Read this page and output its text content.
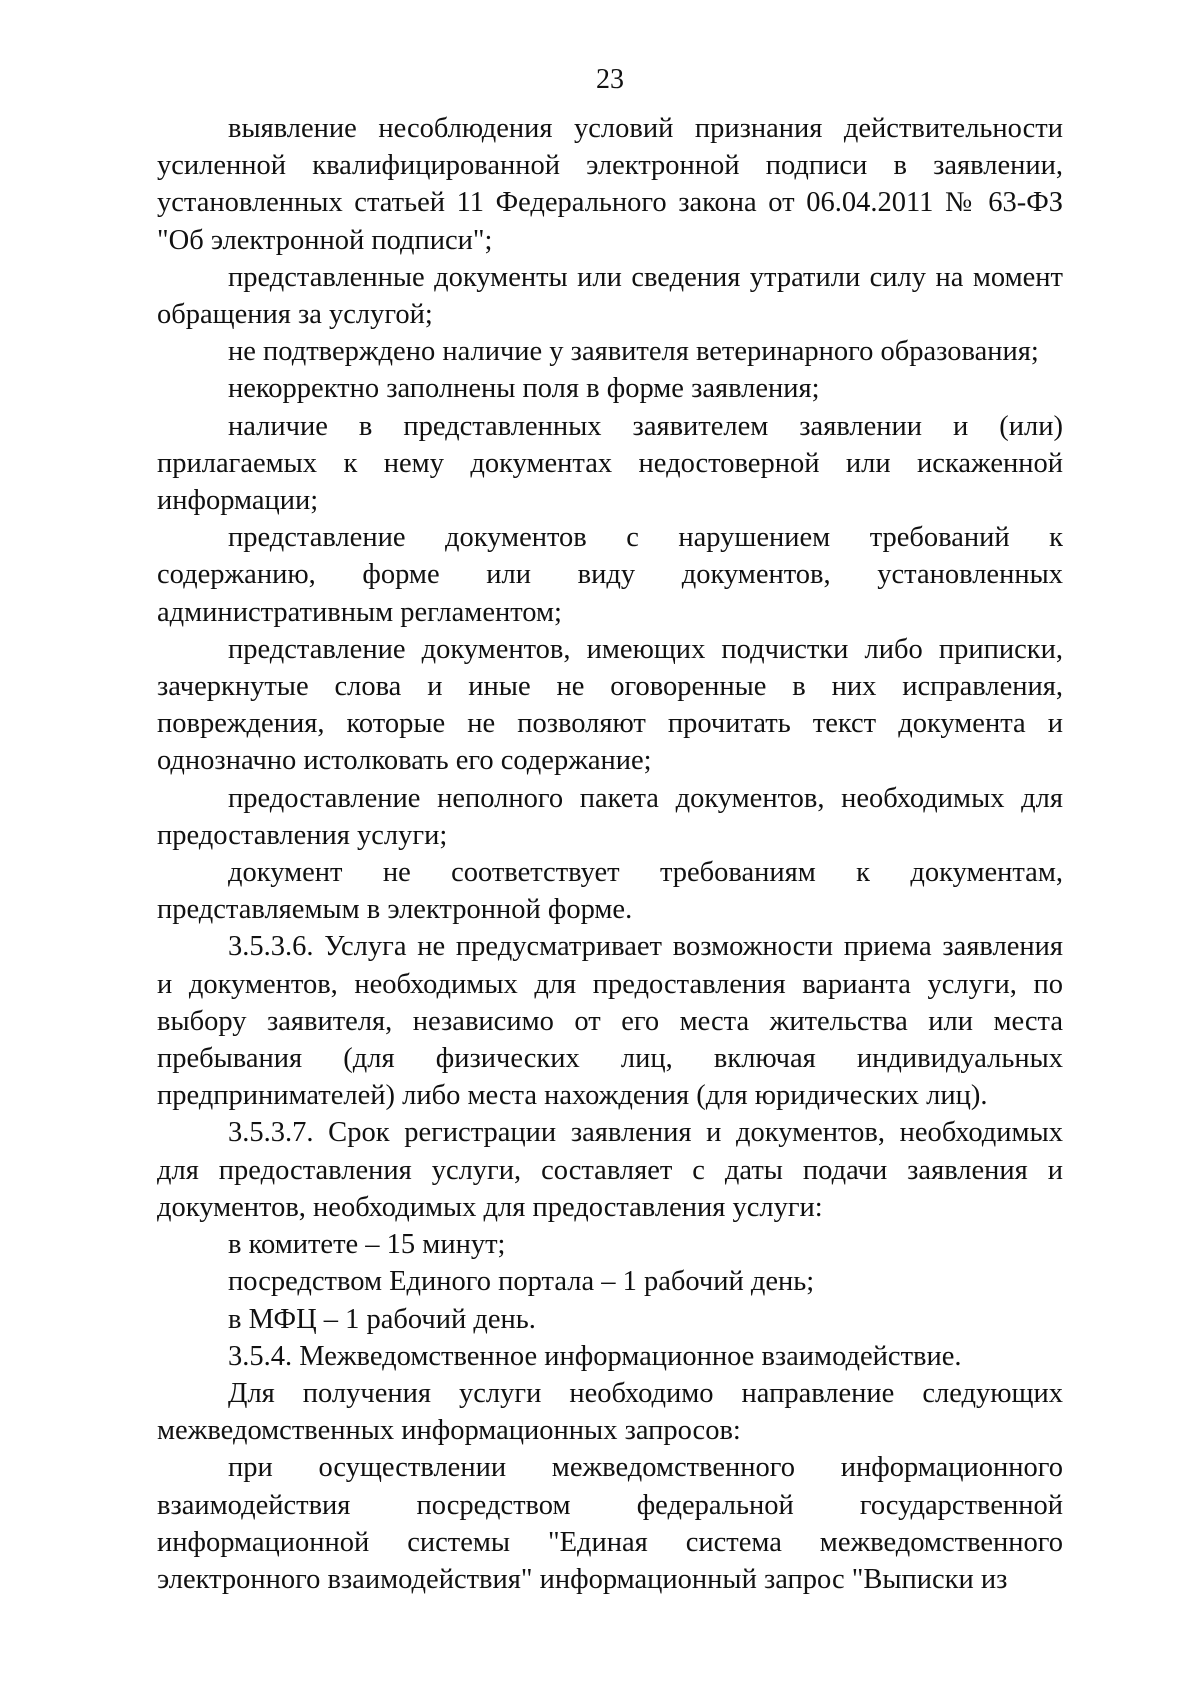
23

выявление несоблюдения условий признания действительности усиленной квалифицированной электронной подписи в заявлении, установленных статьей 11 Федерального закона от 06.04.2011 № 63-ФЗ "Об электронной подписи";

представленные документы или сведения утратили силу на момент обращения за услугой;

не подтверждено наличие у заявителя ветеринарного образования;

некорректно заполнены поля в форме заявления;

наличие в представленных заявителем заявлении и (или) прилагаемых к нему документах недостоверной или искаженной информации;

представление документов с нарушением требований к содержанию, форме или виду документов, установленных административным регламентом;

представление документов, имеющих подчистки либо приписки, зачеркнутые слова и иные не оговоренные в них исправления, повреждения, которые не позволяют прочитать текст документа и однозначно истолковать его содержание;

предоставление неполного пакета документов, необходимых для предоставления услуги;

документ не соответствует требованиям к документам, представляемым в электронной форме.

3.5.3.6. Услуга не предусматривает возможности приема заявления и документов, необходимых для предоставления варианта услуги, по выбору заявителя, независимо от его места жительства или места пребывания (для физических лиц, включая индивидуальных предпринимателей) либо места нахождения (для юридических лиц).

3.5.3.7. Срок регистрации заявления и документов, необходимых для предоставления услуги, составляет с даты подачи заявления и документов, необходимых для предоставления услуги:

в комитете – 15 минут;

посредством Единого портала – 1 рабочий день;

в МФЦ – 1 рабочий день.

3.5.4. Межведомственное информационное взаимодействие.

Для получения услуги необходимо направление следующих межведомственных информационных запросов:

при осуществлении межведомственного информационного взаимодействия посредством федеральной государственной информационной системы "Единая система межведомственного электронного взаимодействия" информационный запрос "Выписки из
